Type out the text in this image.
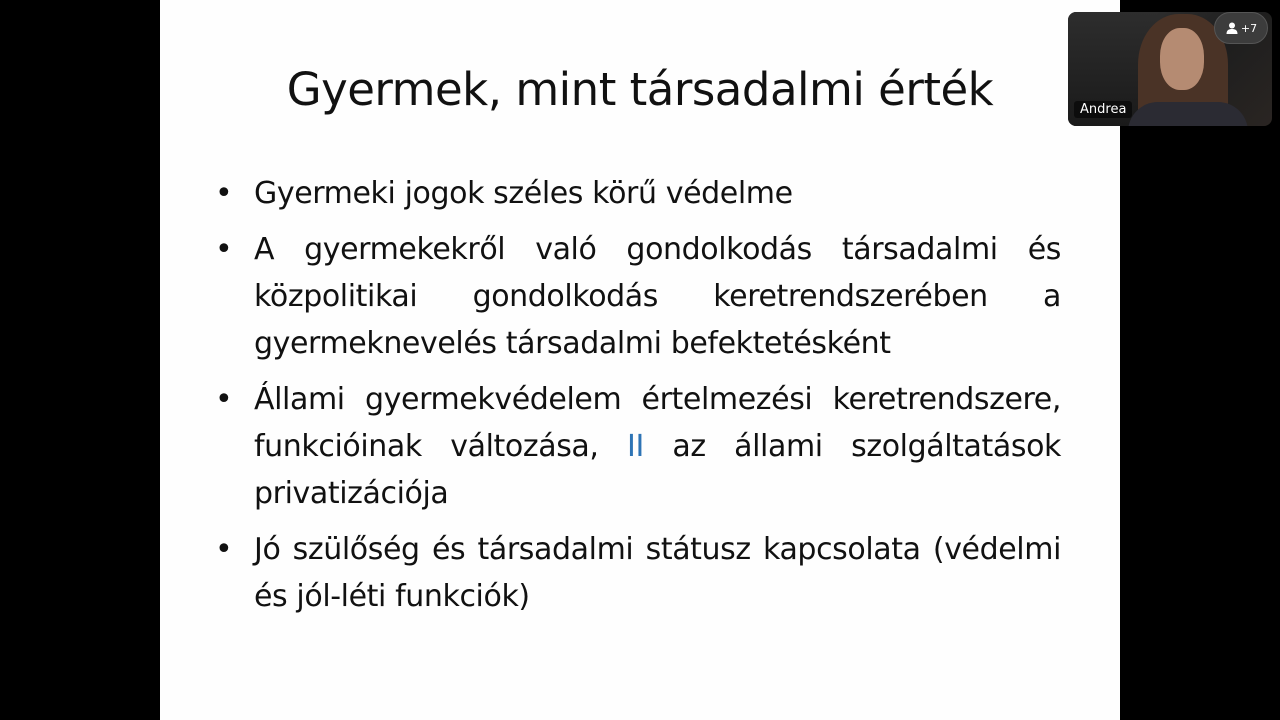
Gyermek, mint társadalmi érték
• Gyermeki jogok széles körű védelme
• A gyermekekről való gondolkodás társadalmi és közpolitikai gondolkodás keretrendszerében a gyermeknevelés társadalmi befektetésként
• Állami gyermekvédelem értelmezési keretrendszere, funkcióinak változása, II az állami szolgáltatások privatizációja
• Jó szülőség és társadalmi státusz kapcsolata (védelmi és jól-léti funkciók)
Andrea
+7
